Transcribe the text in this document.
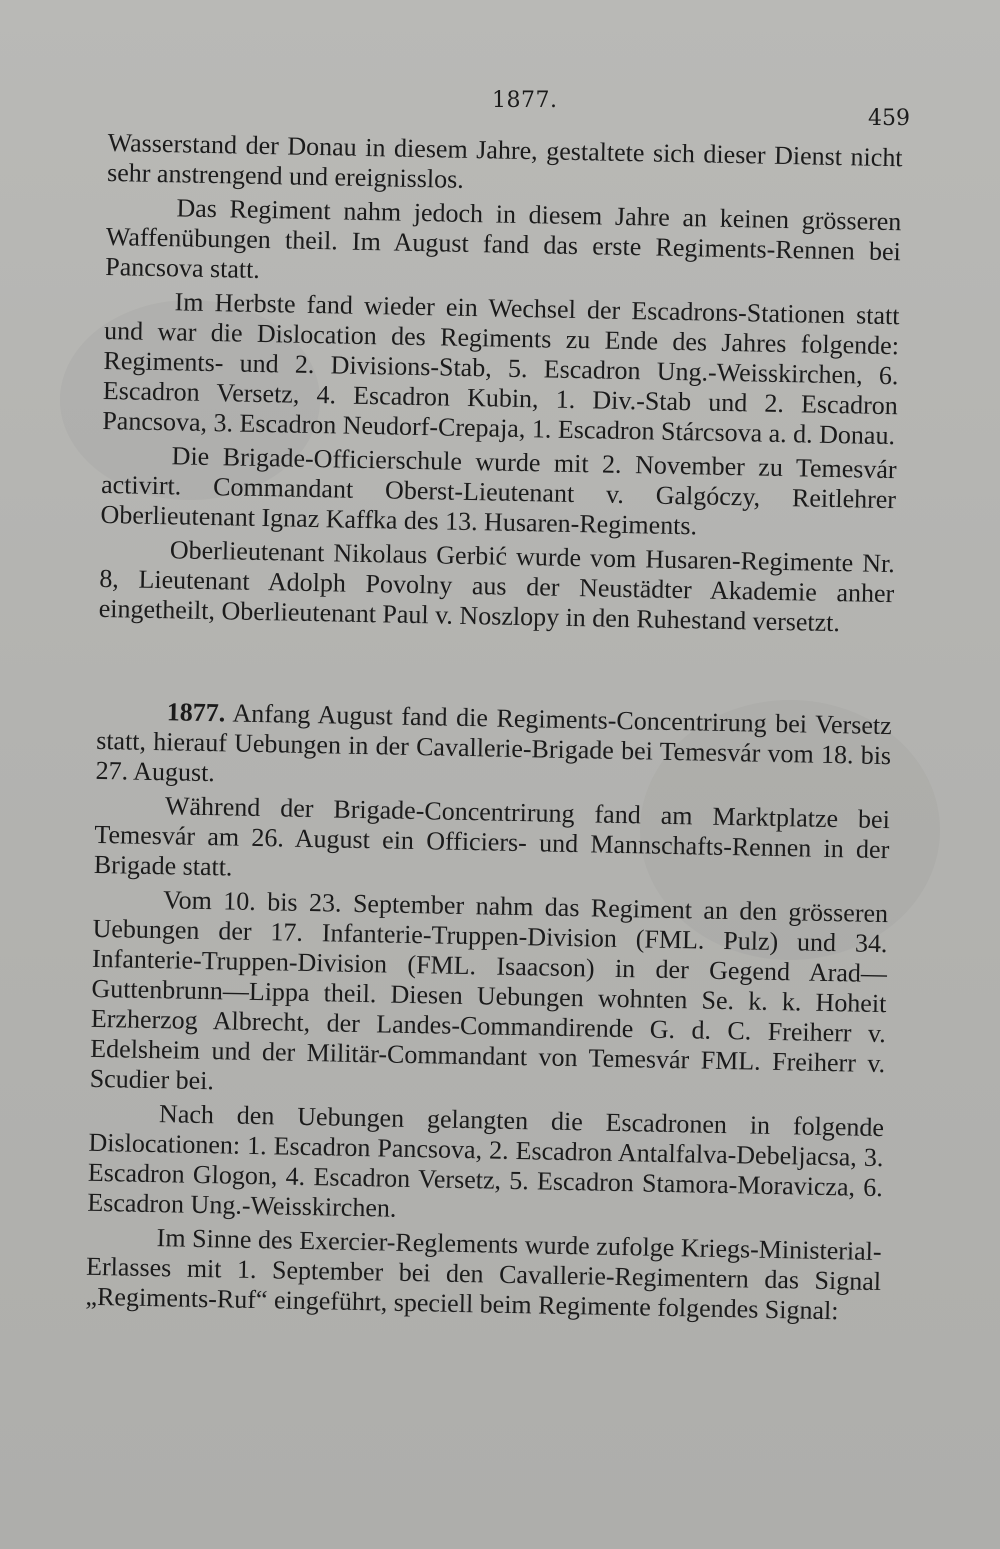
1877.
459

Wasserstand der Donau in diesem Jahre, gestaltete sich dieser Dienst nicht sehr anstrengend und ereignisslos.

Das Regiment nahm jedoch in diesem Jahre an keinen grösseren Waffenübungen theil. Im August fand das erste Regiments-Rennen bei Pancsova statt.

Im Herbste fand wieder ein Wechsel der Escadrons-Stationen statt und war die Dislocation des Regiments zu Ende des Jahres folgende: Regiments- und 2. Divisions-Stab, 5. Escadron Ung.-Weisskirchen, 6. Escadron Versetz, 4. Escadron Kubin, 1. Div.-Stab und 2. Escadron Pancsova, 3. Escadron Neudorf-Crepaja, 1. Escadron Stárcsova a. d. Donau.

Die Brigade-Officierschule wurde mit 2. November zu Temesvár activirt. Commandant Oberst-Lieutenant v. Galgóczy, Reitlehrer Oberlieutenant Ignaz Kaffka des 13. Husaren-Regiments.

Oberlieutenant Nikolaus Gerbić wurde vom Husaren-Regimente Nr. 8, Lieutenant Adolph Povolny aus der Neustädter Akademie anher eingetheilt, Oberlieutenant Paul v. Noszlopy in den Ruhestand versetzt.

1877. Anfang August fand die Regiments-Concentrirung bei Versetz statt, hierauf Uebungen in der Cavallerie-Brigade bei Temesvár vom 18. bis 27. August.

Während der Brigade-Concentrirung fand am Marktplatze bei Temesvár am 26. August ein Officiers- und Mannschafts-Rennen in der Brigade statt.

Vom 10. bis 23. September nahm das Regiment an den grösseren Uebungen der 17. Infanterie-Truppen-Division (FML. Pulz) und 34. Infanterie-Truppen-Division (FML. Isaacson) in der Gegend Arad—Guttenbrunn—Lippa theil. Diesen Uebungen wohnten Se. k. k. Hoheit Erzherzog Albrecht, der Landes-Commandirende G. d. C. Freiherr v. Edelsheim und der Militär-Commandant von Temesvár FML. Freiherr v. Scudier bei.

Nach den Uebungen gelangten die Escadronen in folgende Dislocationen: 1. Escadron Pancsova, 2. Escadron Antalfalva-Debeljacsa, 3. Escadron Glogon, 4. Escadron Versetz, 5. Escadron Stamora-Moravicza, 6. Escadron Ung.-Weisskirchen.

Im Sinne des Exercier-Reglements wurde zufolge Kriegs-Ministerial-Erlasses mit 1. September bei den Cavallerie-Regimentern das Signal „Regiments-Ruf“ eingeführt, speciell beim Regimente folgendes Signal:
